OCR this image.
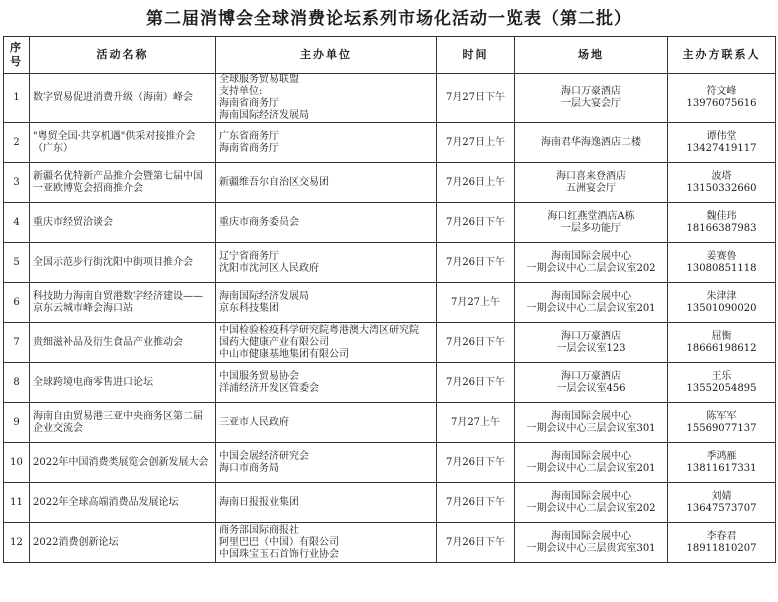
第二届消博会全球消费论坛系列市场化活动一览表（第二批）
序号	活动名称	主办单位	时间	场地	主办方联系人
1	数字贸易促进消费升级（海南）峰会	全球服务贸易联盟
支持单位:
海南省商务厅
海南国际经济发展局	7月27日下午	海口万豪酒店
一层大宴会厅	符文峰
13976075616
2	"粤贸全国·共享机遇"供采对接推介会（广东）	广东省商务厅
海南省商务厅	7月27日上午	海南君华海逸酒店二楼	谭伟堂
13427419117
3	新疆名优特新产品推介会暨第七届中国一亚欧博览会招商推介会	新疆维吾尔自治区交易团	7月26日上午	海口喜来登酒店
五洲宴会厅	波塔
13150332660
4	重庆市经贸洽谈会	重庆市商务委员会	7月26日下午	海口红燕堂酒店A栋
一层多功能厅	魏佳玮
18166387983
5	全国示范步行街沈阳中街项目推介会	辽宁省商务厅
沈阳市沈河区人民政府	7月26日下午	海南国际会展中心
一期会议中心二层会议室202	姜赛鲁
13080851118
6	科技助力海南自贸港数字经济建设——京东云城市峰会海口站	海南国际经济发展局
京东科技集团	7月27上午	海南国际会展中心
一期会议中心二层会议室201	朱津津
13501090020
7	贵细滋补品及衍生食品产业推动会	中国检验检疫科学研究院粤港澳大湾区研究院
国药大健康产业有限公司
中山市健康基地集团有限公司	7月26日下午	海口万豪酒店
一层会议室123	屈衡
18666198612
8	全球跨境电商零售进口论坛	中国服务贸易协会
洋浦经济开发区管委会	7月26日下午	海口万豪酒店
一层会议室456	王乐
13552054895
9	海南自由贸易港三亚中央商务区第二届企业交流会	三亚市人民政府	7月27上午	海南国际会展中心
一期会议中心三层会议室301	陈军军
15569077137
10	2022年中国消费类展览会创新发展大会	中国会展经济研究会
海口市商务局	7月26日下午	海南国际会展中心
一期会议中心二层会议室201	季鸿雁
13811617331
11	2022年全球高端消费品发展论坛	海南日报报业集团	7月26日下午	海南国际会展中心
一期会议中心二层会议室202	刘婧
13647573707
12	2022消费创新论坛	商务部国际商报社
阿里巴巴（中国）有限公司
中国珠宝玉石首饰行业协会	7月26日下午	海南国际会展中心
一期会议中心三层贵宾室301	李春君
18911810207
